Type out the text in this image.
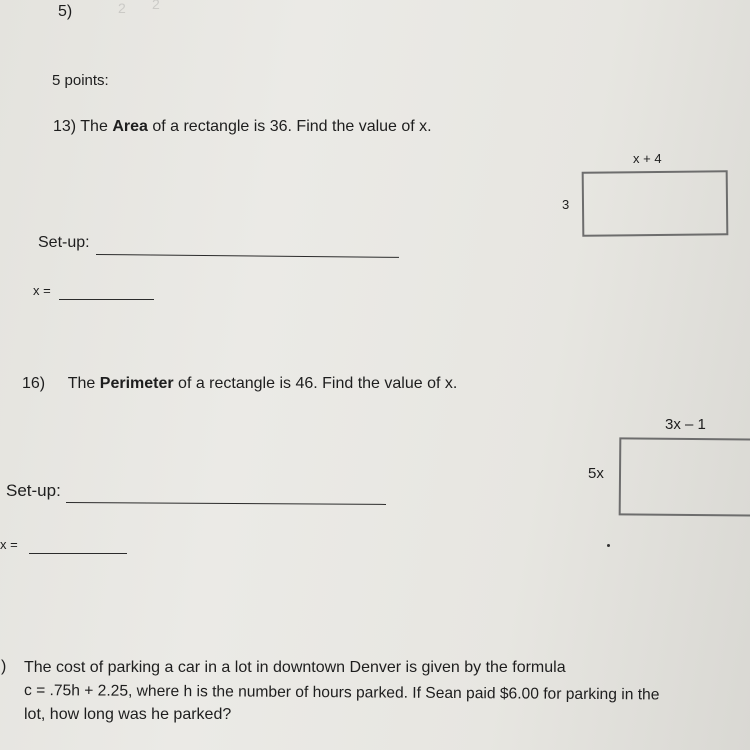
2 2
5)
5 points:
13) The Area of a rectangle is 36. Find the value of x.
x + 4
3
Set-up:
x =
16) The Perimeter of a rectangle is 46. Find the value of x.
3x – 1
5x
Set-up:
x =
) The cost of parking a car in a lot in downtown Denver is given by the formula
c = .75h + 2.25, where h is the number of hours parked. If Sean paid $6.00 for parking in the
lot, how long was he parked?
